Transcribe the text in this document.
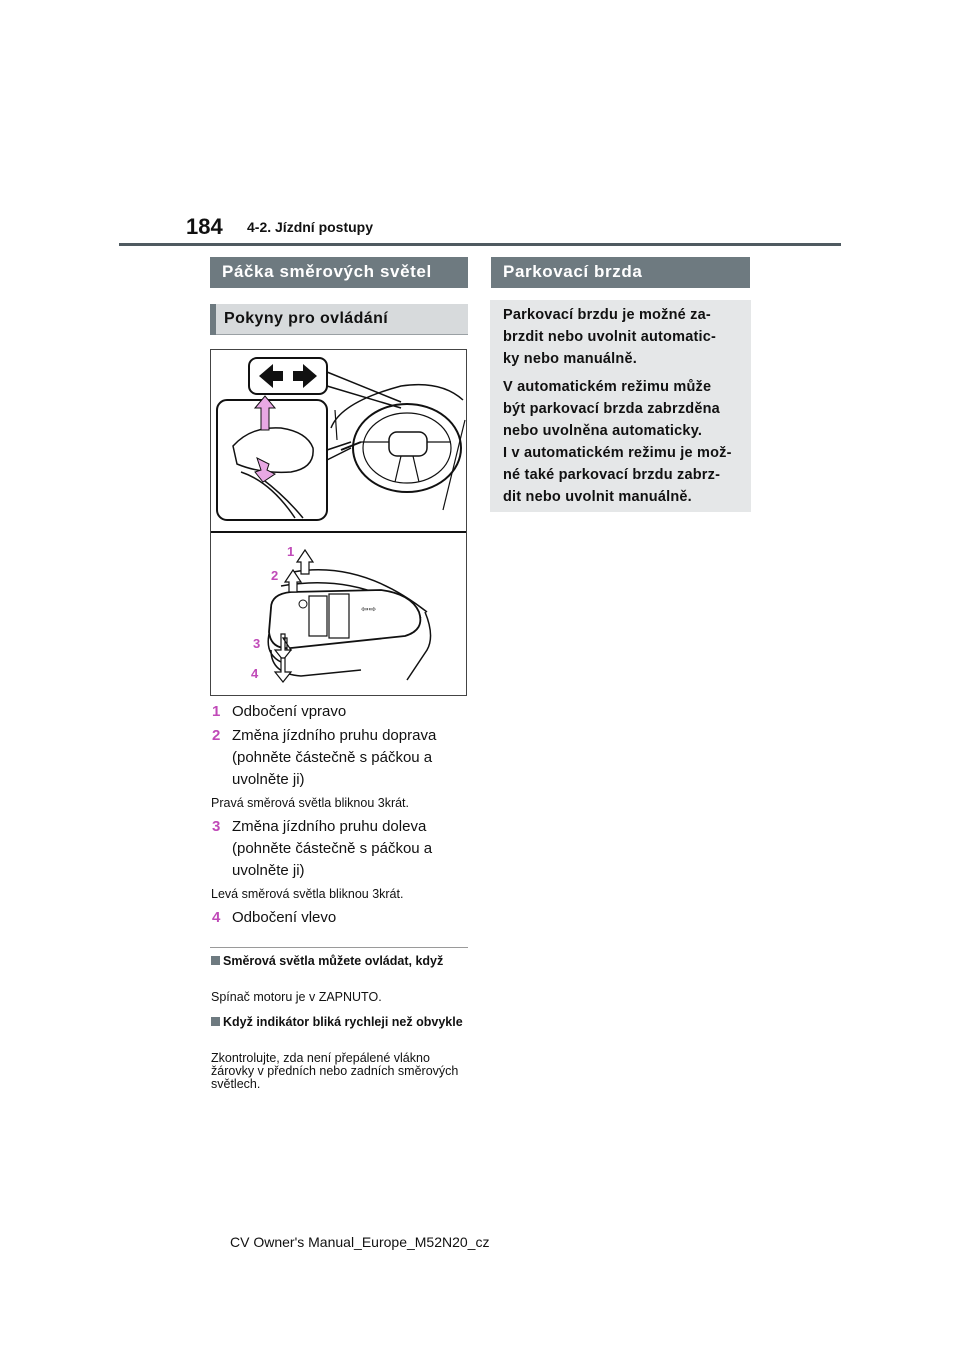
184 4-2. Jízdní postupy
Páčka směrových světel
Pokyny pro ovládání
⇦⇨
1
2
3
4
1 Odbočení vpravo
2 Změna jízdního pruhu doprava (pohněte částečně s páčkou a uvolněte ji)
Pravá směrová světla bliknou 3krát.
3 Změna jízdního pruhu doleva (pohněte částečně s páčkou a uvolněte ji)
Levá směrová světla bliknou 3krát.
4 Odbočení vlevo
Směrová světla můžete ovládat, když
Spínač motoru je v ZAPNUTO.
Když indikátor bliká rychleji než obvykle
Zkontrolujte, zda není přepálené vlákno žárovky v předních nebo zadních směrových světlech.
Parkovací brzda

Parkovací brzdu je možné za-
brzdit nebo uvolnit automatic-
ky nebo manuálně.

V automatickém režimu může
být parkovací brzda zabrzděna
nebo uvolněna automaticky.
I v automatickém režimu je mož-
né také parkovací brzdu zabrz-
dit nebo uvolnit manuálně.

CV Owner's Manual_Europe_M52N20_cz
